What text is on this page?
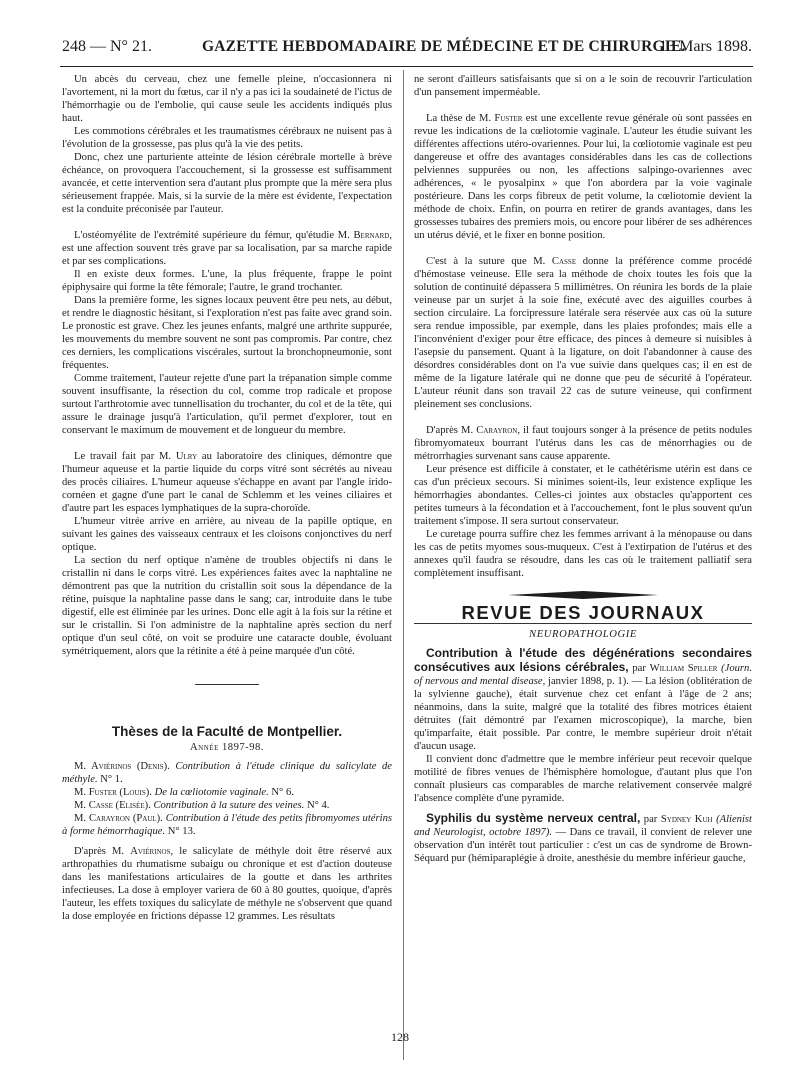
248 — N° 21.	GAZETTE HEBDOMADAIRE DE MÉDECINE ET DE CHIRURGIE.
13 Mars 1898.

Un abcès du cerveau, chez une femelle pleine, n'occasionnera ni l'avortement, ni la mort du fœtus, car il n'y a pas ici la soudaineté de l'ictus de l'hémorrhagie ou de l'embolie, qui cause seule les accidents indiqués plus haut.

Les commotions cérébrales et les traumatismes cérébraux ne nuisent pas à l'évolution de la grossesse, pas plus qu'à la vie des petits.

Donc, chez une parturiente atteinte de lésion cérébrale mortelle à brève échéance, on provoquera l'accouchement, si la grossesse est suffisamment avancée, et cette intervention sera d'autant plus prompte que la mère sera plus sérieusement frappée. Mais, si la survie de la mère est évidente, l'expectation est la conduite préconisée par l'auteur.

L'ostéomyélite de l'extrémité supérieure du fémur, qu'étudie M. Bernard, est une affection souvent très grave par sa localisation, par sa marche rapide et par ses complications.

Il en existe deux formes. L'une, la plus fréquente, frappe le point épiphysaire qui forme la tête fémorale; l'autre, le grand trochanter.

Dans la première forme, les signes locaux peuvent être peu nets, au début, et rendre le diagnostic hésitant, si l'exploration n'est pas faite avec grand soin. Le pronostic est grave. Chez les jeunes enfants, malgré une arthrite suppurée, les mouvements du membre souvent ne sont pas compromis. Par contre, chez ces derniers, les complications viscérales, surtout la bronchopneumonie, sont fréquentes.

Comme traitement, l'auteur rejette d'une part la trépanation simple comme souvent insuffisante, la résection du col, comme trop radicale et propose surtout l'arthrotomie avec tunnellisation du trochanter, du col et de la tête, qui assure le drainage jusqu'à l'articulation, qu'il permet d'explorer, tout en conservant le maximum de mouvement et de longueur du membre.

Le travail fait par M. Ulry au laboratoire des cliniques, démontre que l'humeur aqueuse et la partie liquide du corps vitré sont sécrétés au niveau des procès ciliaires. L'humeur aqueuse s'échappe en avant par l'angle irido-cornéen et gagne d'une part le canal de Schlemm et les veines ciliaires et d'autre part les espaces lymphatiques de la supra-choroïde.

L'humeur vitrée arrive en arrière, au niveau de la papille optique, en suivant les gaines des vaisseaux centraux et les cloisons conjonctives du nerf optique.

La section du nerf optique n'amène de troubles objectifs ni dans le cristallin ni dans le corps vitré. Les expériences faites avec la naphtaline ne démontrent pas que la nutrition du cristallin soit sous la dépendance de la rétine, puisque la naphtaline passe dans le sang; car, introduite dans le tube digestif, elle est éliminée par les urines. Donc elle agit à la fois sur la rétine et sur le cristallin. Si l'on administre de la naphtaline après section du nerf optique d'un seul côté, on voit se produire une cataracte double, évoluant symétriquement, alors que la rétinite a été à peine marquée d'un côté.

Thèses de la Faculté de Montpellier.

Année 1897-98.

M. Aviérinos (Denis). Contribution à l'étude clinique du salicylate de méthyle. N° 1.

M. Fuster (Louis). De la cœliotomie vaginale. N° 6.

M. Casse (Elisée). Contribution à la suture des veines. N° 4.

M. Carayron (Paul). Contribution à l'étude des petits fibromyomes utérins à forme hémorrhagique. N° 13.

D'après M. Aviérinos, le salicylate de méthyle doit être réservé aux arthropathies du rhumatisme subaigu ou chronique et est d'action douteuse dans les manifestations articulaires de la goutte et dans les arthrites infectieuses. La dose à employer variera de 60 à 80 gouttes, quoique, d'après l'auteur, les effets toxiques du salicylate de méthyle ne s'observent que quand la dose employée en frictions dépasse 12 grammes. Les résultats

ne seront d'ailleurs satisfaisants que si on a le soin de recouvrir l'articulation d'un pansement imperméable.

La thèse de M. Fuster est une excellente revue générale où sont passées en revue les indications de la cœliotomie vaginale. L'auteur les étudie suivant les différentes affections utéro-ovariennes. Pour lui, la cœliotomie vaginale est peu dangereuse et offre des avantages considérables dans les cas de collections pelviennes suppurées ou non, les affections salpingo-ovariennes avec adhérences, « le pyosalpinx » que l'on abordera par la voie vaginale postérieure. Dans les corps fibreux de petit volume, la cœliotomie devient la méthode de choix. Enfin, on pourra en retirer de grands avantages, dans les grossesses tubaires des premiers mois, ou encore pour libérer de ses adhérences un utérus dévié, et le fixer en bonne position.

C'est à la suture que M. Casse donne la préférence comme procédé d'hémostase veineuse. Elle sera la méthode de choix toutes les fois que la solution de continuité dépassera 5 millimètres. On réunira les bords de la plaie veineuse par un surjet à la soie fine, exécuté avec des aiguilles courbes à section circulaire. La forcipressure latérale sera réservée aux cas où la suture sera rendue impossible, par exemple, dans les plaies profondes; mais elle a l'inconvénient d'exiger pour être efficace, des pinces à demeure si nuisibles à l'asepsie du pansement. Quant à la ligature, on doit l'abandonner à cause des désordres considérables dont on l'a vue suivie dans quelques cas; il en est de même de la ligature latérale qui ne donne que peu de sécurité à l'opérateur. L'auteur réunit dans son travail 22 cas de suture veineuse, qui confirment pleinement ses conclusions.

D'après M. Carayron, il faut toujours songer à la présence de petits nodules fibromyomateux bourrant l'utérus dans les cas de ménorrhagies ou de métrorrhagies survenant sans cause apparente.

Leur présence est difficile à constater, et le cathétérisme utérin est dans ce cas d'un précieux secours. Si minimes soient-ils, leur existence explique les hémorrhagies abondantes. Celles-ci jointes aux obstacles qu'apportent ces petites tumeurs à la fécondation et à l'accouchement, font le plus souvent qu'un traitement s'impose. Il sera surtout conservateur.

Le curetage pourra suffire chez les femmes arrivant à la ménopause ou dans les cas de petits myomes sous-muqueux. C'est à l'extirpation de l'utérus et des annexes qu'il faudra se résoudre, dans les cas où le traitement palliatif sera complètement insuffisant.

REVUE DES JOURNAUX

NEUROPATHOLOGIE

Contribution à l'étude des dégénérations secondaires consécutives aux lésions cérébrales, par William Spiller (Journ. of nervous and mental disease, janvier 1898, p. 1). — La lésion (oblitération de la sylvienne gauche), était survenue chez cet enfant à l'âge de 2 ans; néanmoins, dans la suite, malgré que la totalité des fibres motrices étaient détruites (fait démontré par l'examen microscopique), la marche, bien qu'imparfaite, était possible. Par contre, le membre supérieur droit n'était d'aucun usage.

Il convient donc d'admettre que le membre inférieur peut recevoir quelque motilité de fibres venues de l'hémisphère homologue, d'autant plus que l'on connaît plusieurs cas comparables de marche relativement conservée malgré l'absence complète d'une pyramide.

Syphilis du système nerveux central, par Sydney Kuh (Alienist and Neurologist, octobre 1897). — Dans ce travail, il convient de relever une observation d'un intérêt tout particulier : c'est un cas de syndrome de Brown-Séquard pur (hémiparaplégie à droite, anesthésie du membre inférieur gauche,

128
